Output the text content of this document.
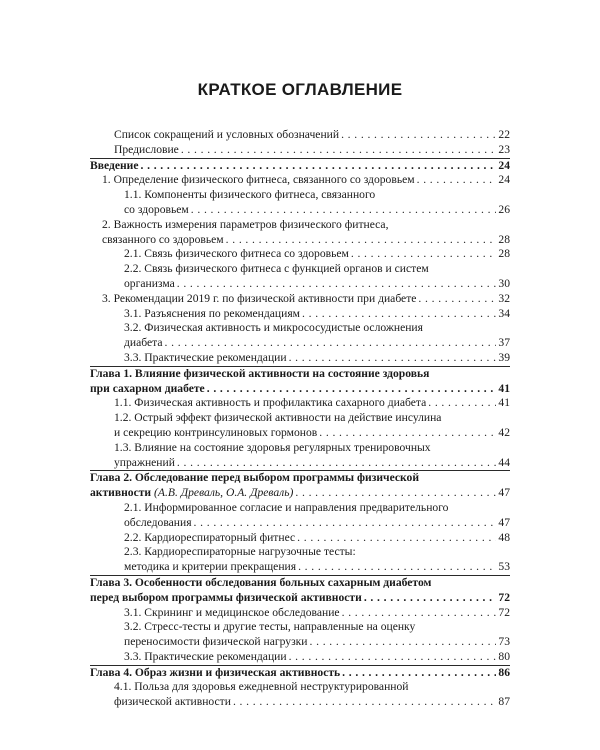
КРАТКОЕ ОГЛАВЛЕНИЕ
Список сокращений и условных обозначений . . .	22
Предисловие . . .	23
Введение . . .	24
1. Определение физического фитнеса, связанного со здоровьем . . .	24
1.1. Компоненты физического фитнеса, связанного
со здоровьем . . .	26
2. Важность измерения параметров физического фитнеса,
связанного со здоровьем . . .	28
2.1. Связь физического фитнеса со здоровьем . . .	28
2.2. Связь физического фитнеса с функцией органов и систем
организма . . .	30
3. Рекомендации 2019 г. по физической активности при диабете . . .	32
3.1. Разъяснения по рекомендациям . . .	34
3.2. Физическая активность и микрососудистые осложнения
диабета . . .	37
3.3. Практические рекомендации . . .	39
Глава 1. Влияние физической активности на состояние здоровья
при сахарном диабете . . .	41
1.1. Физическая активность и профилактика сахарного диабета . . .	41
1.2. Острый эффект физической активности на действие инсулина
и секрецию контринсулиновых гормонов . . .	42
1.3. Влияние на состояние здоровья регулярных тренировочных
упражнений . . .	44
Глава 2. Обследование перед выбором программы физической
активности
(А.В. Древаль, О.А. Древаль) . . .	47
2.1. Информированное согласие и направления предварительного
обследования . . .	47
2.2. Кардиореспираторный фитнес . . .	48
2.3. Кардиореспираторные нагрузочные тесты:
методика и критерии прекращения . . .	53
Глава 3. Особенности обследования больных сахарным диабетом
перед выбором программы физической активности . . .	72
3.1. Скрининг и медицинское обследование . . .	72
3.2. Стресс-тесты и другие тесты, направленные на оценку
переносимости физической нагрузки . . .	73
3.3. Практические рекомендации . . .	80
Глава 4. Образ жизни и физическая активность . . .	86
4.1. Польза для здоровья ежедневной неструктурированной
физической активности . . .	87
